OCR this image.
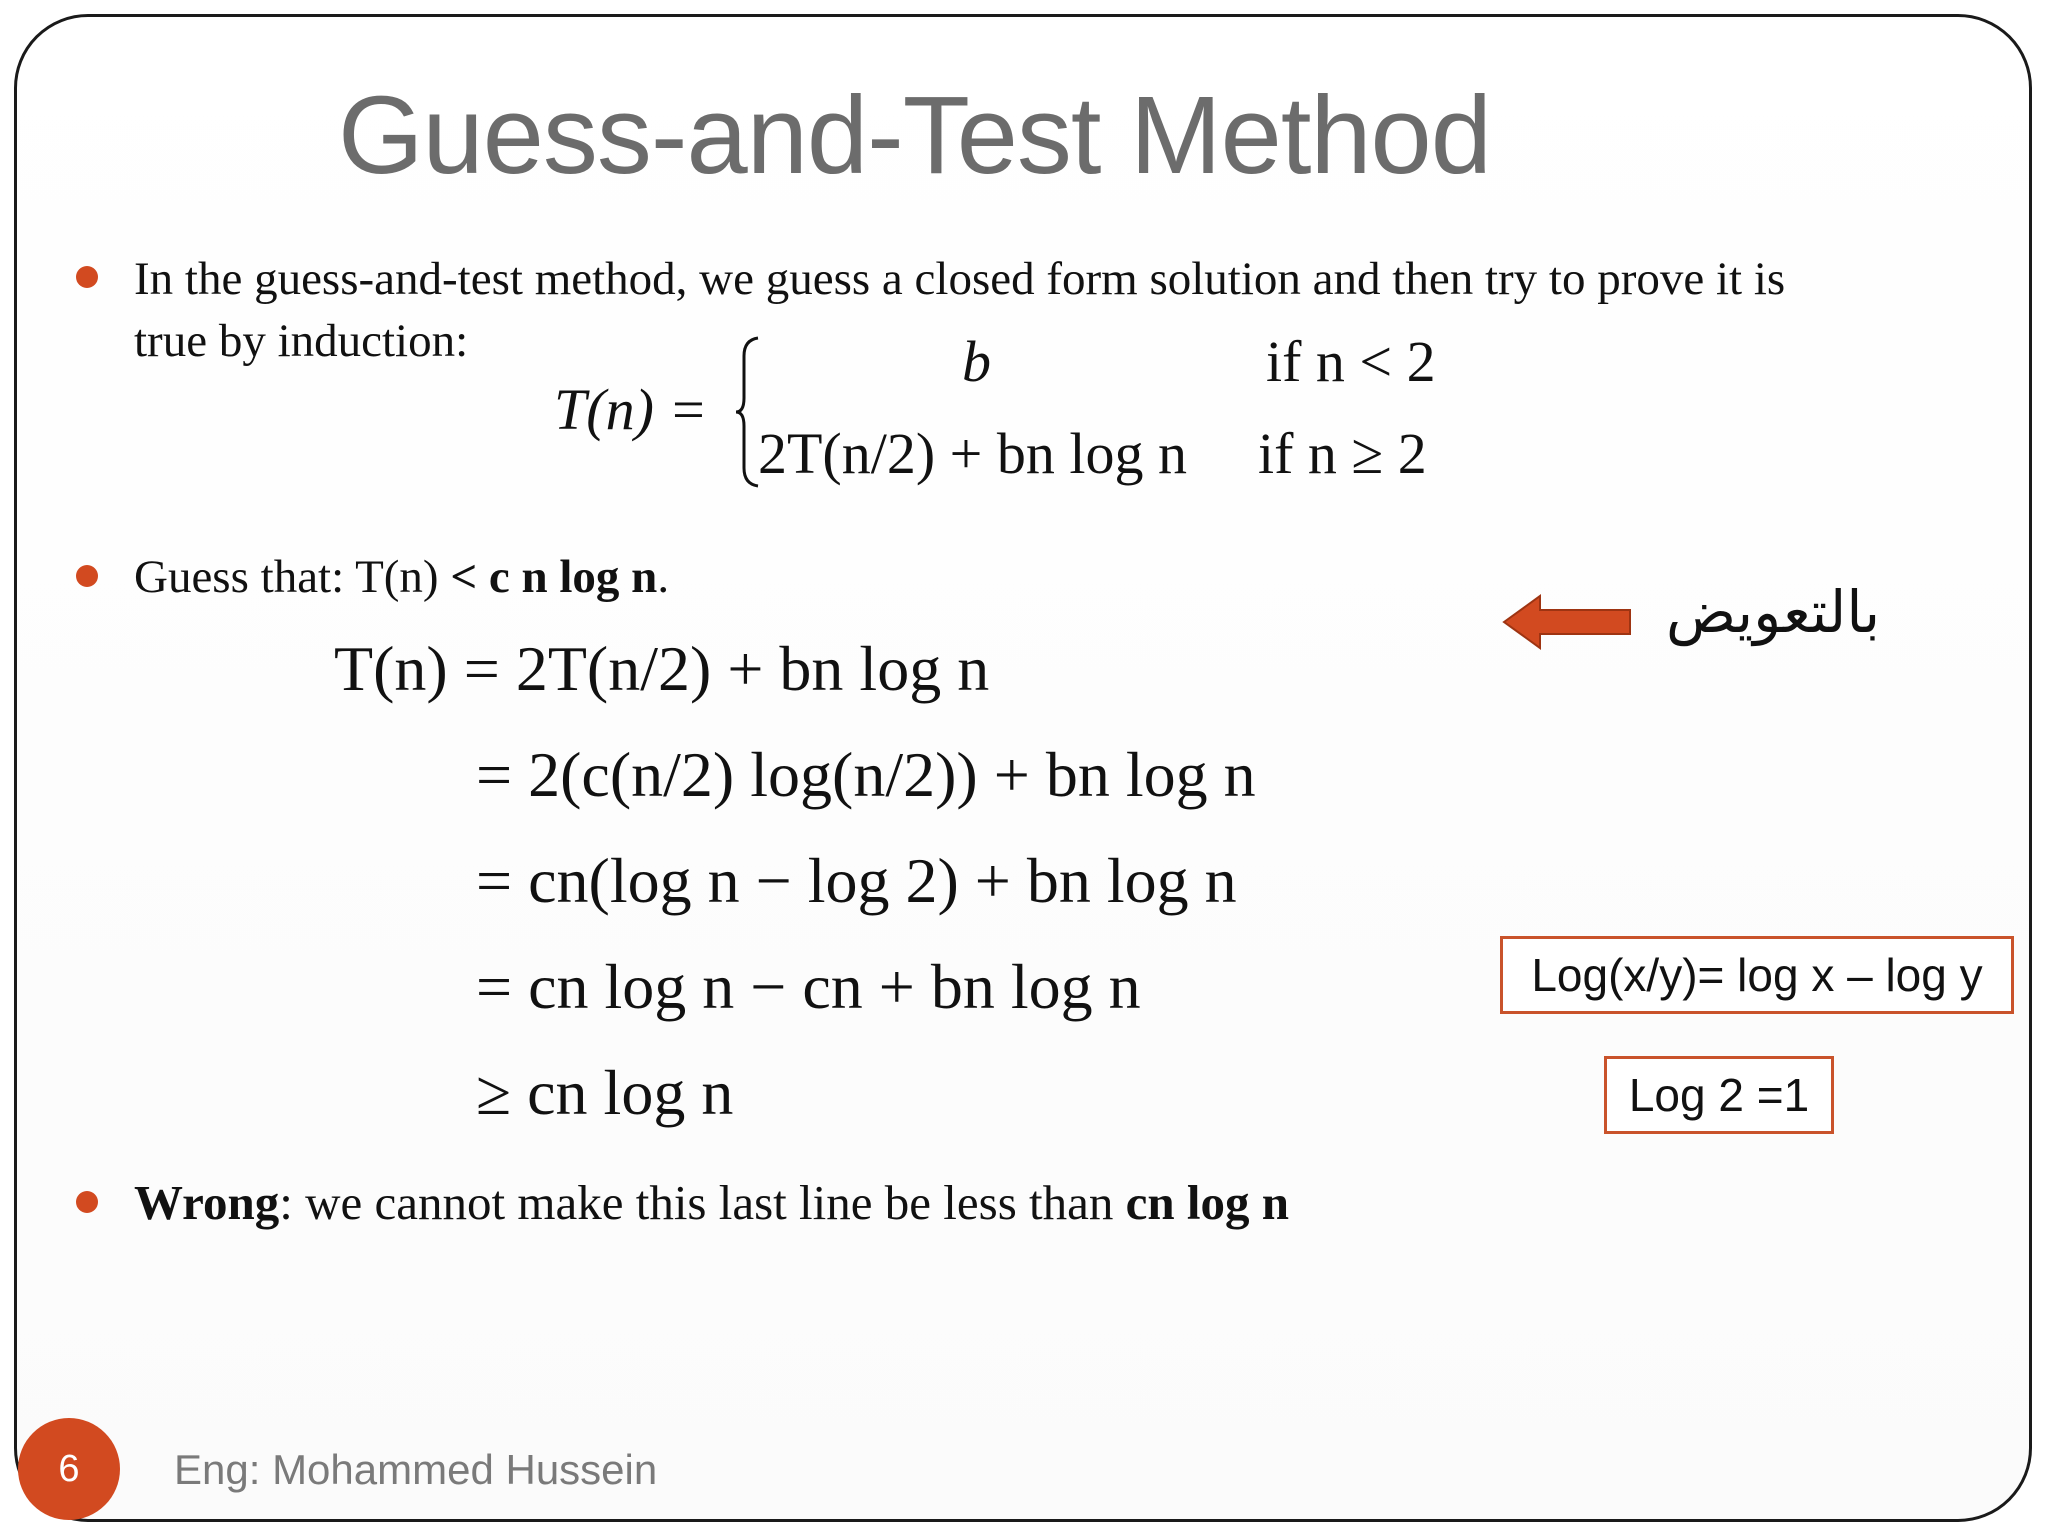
Guess-and-Test Method
In the guess-and-test method, we guess a closed form solution and then try to prove it is
true by induction:
T(n) =
b	if n < 2
2T(n/2) + bn log n if n ≥ 2
Guess that: T(n) < c n log n.
T(n) = 2T(n/2) + bn log n
= 2(c(n/2) log(n/2)) + bn log n
= cn(log n − log 2) + bn log n
= cn log n − cn + bn log n
≥ cn log n
بالتعويض
Log(x/y)= log x – log y
Log 2 =1
Wrong: we cannot make this last line be less than cn log n
6	Eng: Mohammed Hussein
